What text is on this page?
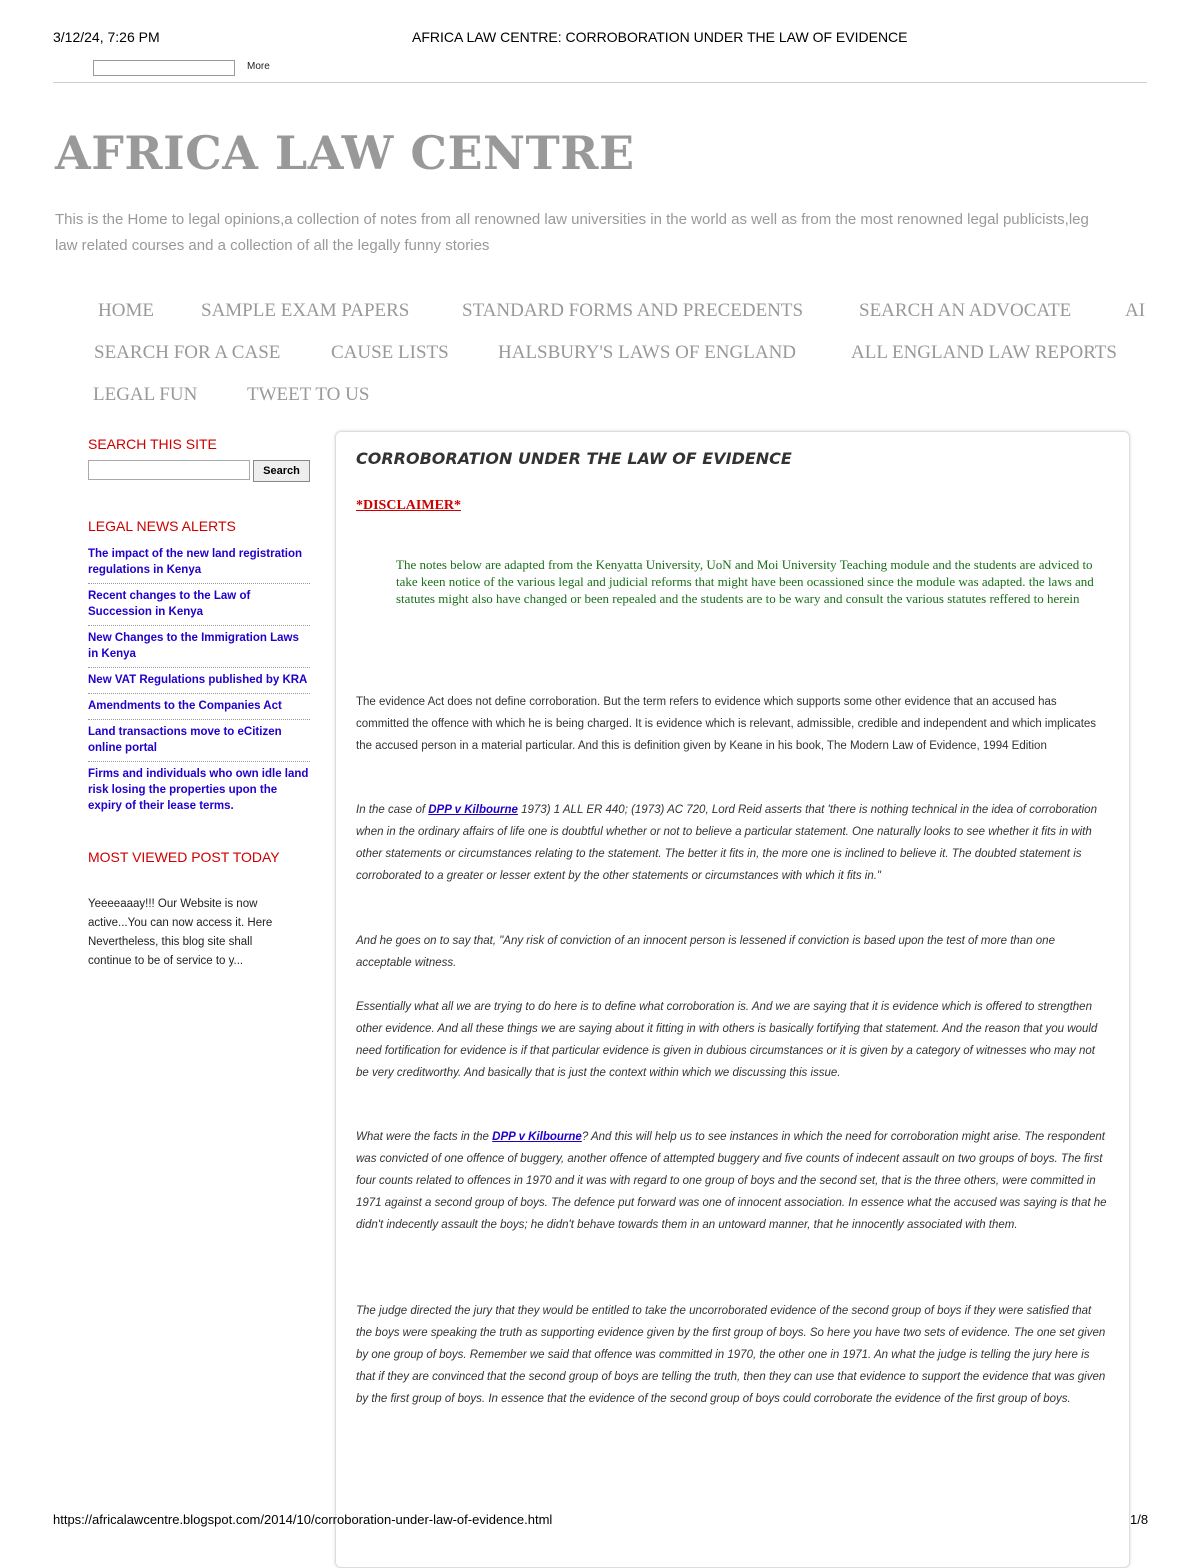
3/12/24, 7:26 PM	AFRICA LAW CENTRE: CORROBORATION UNDER THE LAW OF EVIDENCE
More
AFRICA LAW CENTRE
This is the Home to legal opinions,a collection of notes from all renowned law universities in the world as well as from the most renowned legal publicists,leg
law related courses and a collection of all the legally funny stories
HOME SAMPLE EXAM PAPERS	STANDARD FORMS AND PRECEDENTS	SEARCH AN ADVOCATE	AI
SEARCH FOR A CASE	CAUSE LISTS	HALSBURY'S LAWS OF ENGLAND	ALL ENGLAND LAW REPORTS
LEGAL FUN	TWEET TO US
SEARCH THIS SITE
Search
LEGAL NEWS ALERTS
The impact of the new land registration regulations in Kenya
Recent changes to the Law of Succession in Kenya
New Changes to the Immigration Laws in Kenya
New VAT Regulations published by KRA
Amendments to the Companies Act
Land transactions move to eCitizen online portal
Firms and individuals who own idle land risk losing the properties upon the expiry of their lease terms.
MOST VIEWED POST TODAY
Yeeeeaaay!!! Our Website is now active...You can now access it. Here Nevertheless, this blog site shall continue to be of service to y...
CORROBORATION UNDER THE LAW OF EVIDENCE
*DISCLAIMER*
The notes below are adapted from the Kenyatta University, UoN and Moi University Teaching module and the students are adviced to take keen notice of the various legal and judicial reforms that might have been ocassioned since the module was adapted. the laws and statutes might also have changed or been repealed and the students are to be wary and consult the various statutes reffered to herein
The evidence Act does not define corroboration. But the term refers to evidence which supports some other evidence that an accused has committed the offence with which he is being charged. It is evidence which is relevant, admissible, credible and independent and which implicates the accused person in a material particular. And this is definition given by Keane in his book, The Modern Law of Evidence, 1994 Edition
In the case of DPP v Kilbourne 1973) 1 ALL ER 440; (1973) AC 720, Lord Reid asserts that 'there is nothing technical in the idea of corroboration when in the ordinary affairs of life one is doubtful whether or not to believe a particular statement. One naturally looks to see whether it fits in with other statements or circumstances relating to the statement. The better it fits in, the more one is inclined to believe it. The doubted statement is corroborated to a greater or lesser extent by the other statements or circumstances with which it fits in."
And he goes on to say that, "Any risk of conviction of an innocent person is lessened if conviction is based upon the test of more than one acceptable witness.
Essentially what all we are trying to do here is to define what corroboration is. And we are saying that it is evidence which is offered to strengthen other evidence. And all these things we are saying about it fitting in with others is basically fortifying that statement. And the reason that you would need fortification for evidence is if that particular evidence is given in dubious circumstances or it is given by a category of witnesses who may not be very creditworthy. And basically that is just the context within which we discussing this issue.
What were the facts in the DPP v Kilbourne? And this will help us to see instances in which the need for corroboration might arise. The respondent was convicted of one offence of buggery, another offence of attempted buggery and five counts of indecent assault on two groups of boys. The first four counts related to offences in 1970 and it was with regard to one group of boys and the second set, that is the three others, were committed in 1971 against a second group of boys. The defence put forward was one of innocent association. In essence what the accused was saying is that he didn't indecently assault the boys; he didn't behave towards them in an untoward manner, that he innocently associated with them.
The judge directed the jury that they would be entitled to take the uncorroborated evidence of the second group of boys if they were satisfied that the boys were speaking the truth as supporting evidence given by the first group of boys. So here you have two sets of evidence. The one set given by one group of boys. Remember we said that offence was committed in 1970, the other one in 1971. An what the judge is telling the jury here is that if they are convinced that the second group of boys are telling the truth, then they can use that evidence to support the evidence that was given by the first group of boys. In essence that the evidence of the second group of boys could corroborate the evidence of the first group of boys.
https://africalawcentre.blogspot.com/2014/10/corroboration-under-law-of-evidence.html	1/8
